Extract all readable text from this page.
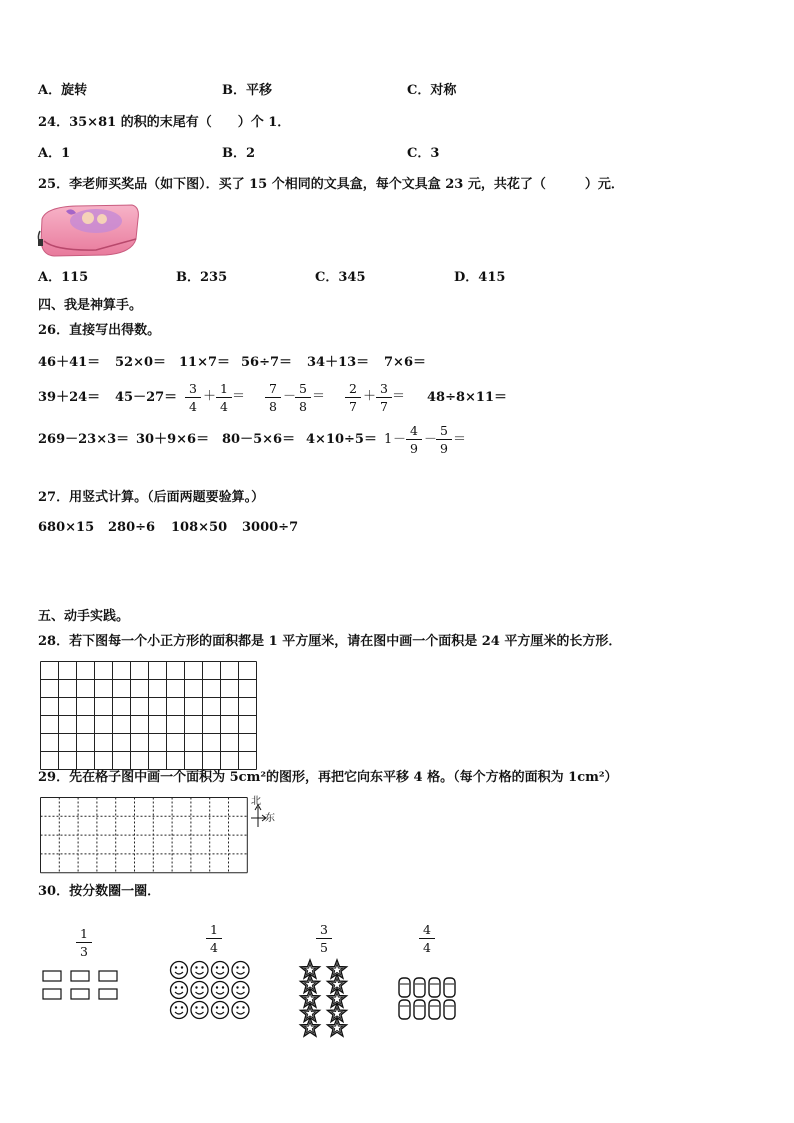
A．旋转	B．平移	C．对称
24．35×81 的积的末尾有（　　）个 1．
A．1	B．2	C．3
25．李老师买奖品（如下图）．买了 15 个相同的文具盒，每个文具盒 23 元，共花了（　　　）元．
A．115	B．235	C．345	D．415
四、我是神算手。
26．直接写出得数。
46＋41＝ 52×0＝ 11×7＝ 56÷7＝ 34＋13＝ 7×6＝
$39+24= 45-27= \frac{3}{4} + \frac{1}{4} = \frac{7}{8}$ －
$\frac{5}{8} = \frac{2}{7} + \frac{3}{7} = 48\div 8\times 11=$
$269-23\times 3= 30+9\times 6= 80-5\times 6= 4\times 10\div 5= 1 - \frac{4}{9}$ －
$\frac{5}{9}$ ＝
27．用竖式计算。（后面两题要验算。）
680×15 280÷6 108×50 3000÷7
五、动手实践。
28．若下图每一个小正方形的面积都是 1 平方厘米，请在图中画一个面积是 24 平方厘米的长方形．
29．先在格子图中画一个面积为 5cm²的图形，再把它向东平移 4 格。（每个方格的面积为 1cm²）
北
东
30．按分数圈一圈．
$\frac{1}{3}$	$\frac{1}{4}$	$\frac{3}{5}$	$\frac{4}{4}$
